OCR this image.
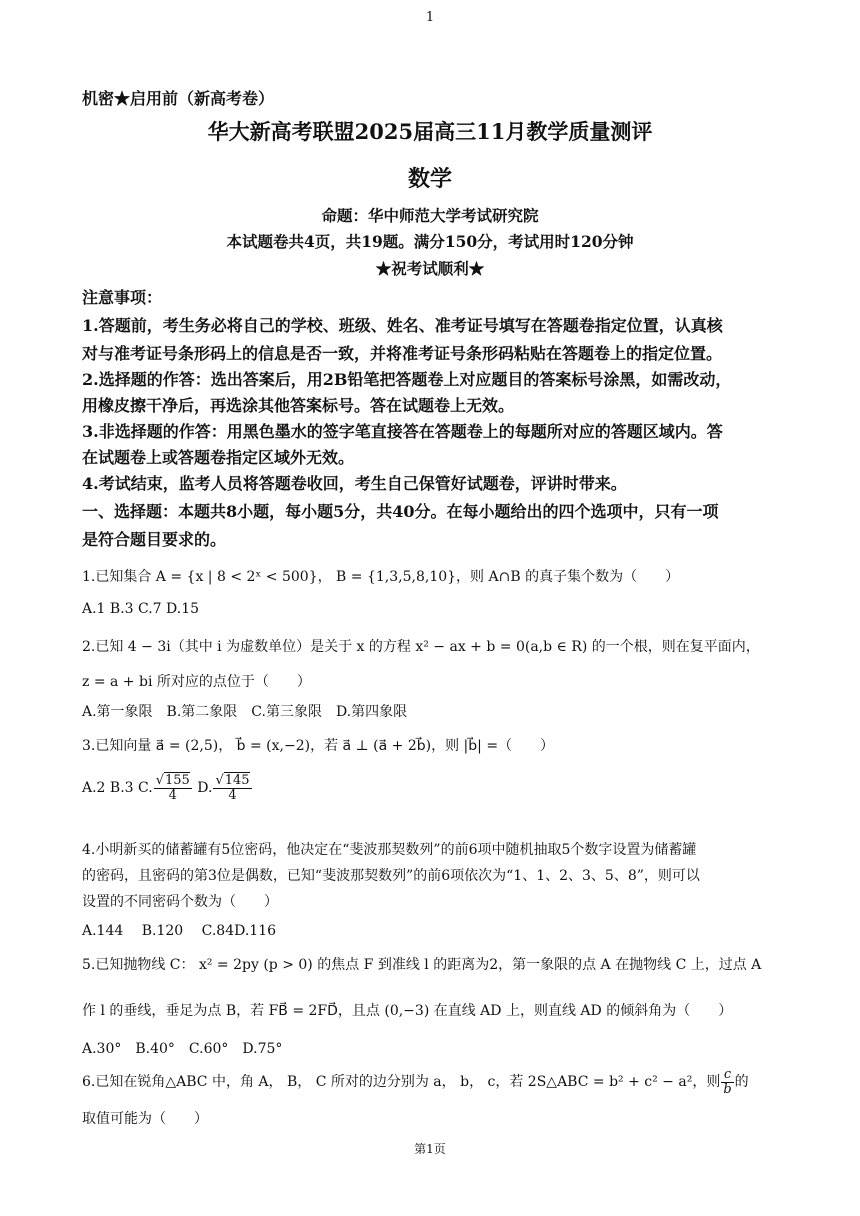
1
机密★启用前（新高考卷）
华大新高考联盟2025届高三11月教学质量测评
数学
命题：华中师范大学考试研究院
本试题卷共4页，共19题。满分150分，考试用时120分钟
★祝考试顺利★
注意事项：
1.答题前，考生务必将自己的学校、班级、姓名、准考证号填写在答题卷指定位置，认真核
对与准考证号条形码上的信息是否一致，并将准考证号条形码粘贴在答题卷上的指定位置。
2.选择题的作答：选出答案后，用2B铅笔把答题卷上对应题目的答案标号涂黑，如需改动，
用橡皮擦干净后，再选涂其他答案标号。答在试题卷上无效。
3.非选择题的作答：用黑色墨水的签字笔直接答在答题卷上的每题所对应的答题区域内。答
在试题卷上或答题卷指定区域外无效。
4.考试结束，监考人员将答题卷收回，考生自己保管好试题卷，评讲时带来。
一、选择题：本题共8小题，每小题5分，共40分。在每小题给出的四个选项中，只有一项
是符合题目要求的。
1.已知集合 A = {x | 8 < 2ˣ < 500}， B = {1,3,5,8,10}，则 A∩B 的真子集个数为（　　）
A.1 B.3 C.7 D.15
2.已知 4 − 3i（其中 i 为虚数单位）是关于 x 的方程 x² − ax + b = 0(a,b ∈ R) 的一个根，则在复平面内，
z = a + bi 所对应的点位于（　　）
A.第一象限　B.第二象限　C.第三象限　D.第四象限
3.已知向量 a⃗ = (2,5)， b⃗ = (x,−2)，若 a⃗ ⊥ (a⃗ + 2b⃗)，则 |b⃗| =（　　）
A.2 B.3 C. $\frac{√155}{4} D$. $\frac{√145}{4}$
4.小明新买的储蓄罐有5位密码，他决定在“斐波那契数列”的前6项中随机抽取5个数字设置为储蓄罐
的密码，且密码的第3位是偶数，已知“斐波那契数列”的前6项依次为“1、1、2、3、5、8”，则可以
设置的不同密码个数为（　　）
A.144　 B.120　 C.84D.116
5.已知抛物线 C： x² = 2py (p > 0) 的焦点 F 到准线 l 的距离为2，第一象限的点 A 在抛物线 C 上，过点 A
作 l 的垂线，垂足为点 B，若 FB⃗ = 2FD⃗，且点 (0,−3) 在直线 AD 上，则直线 AD 的倾斜角为（　　）
A.30°　B.40°　C.60°　D.75°
6.已知在锐角△ABC 中，角 A， B， C 所对的边分别为 a， b， c，若 2S△ABC = b² + c² − a²，则 $\frac{c}{b}$ 的
取值可能为（　　）
第1页
